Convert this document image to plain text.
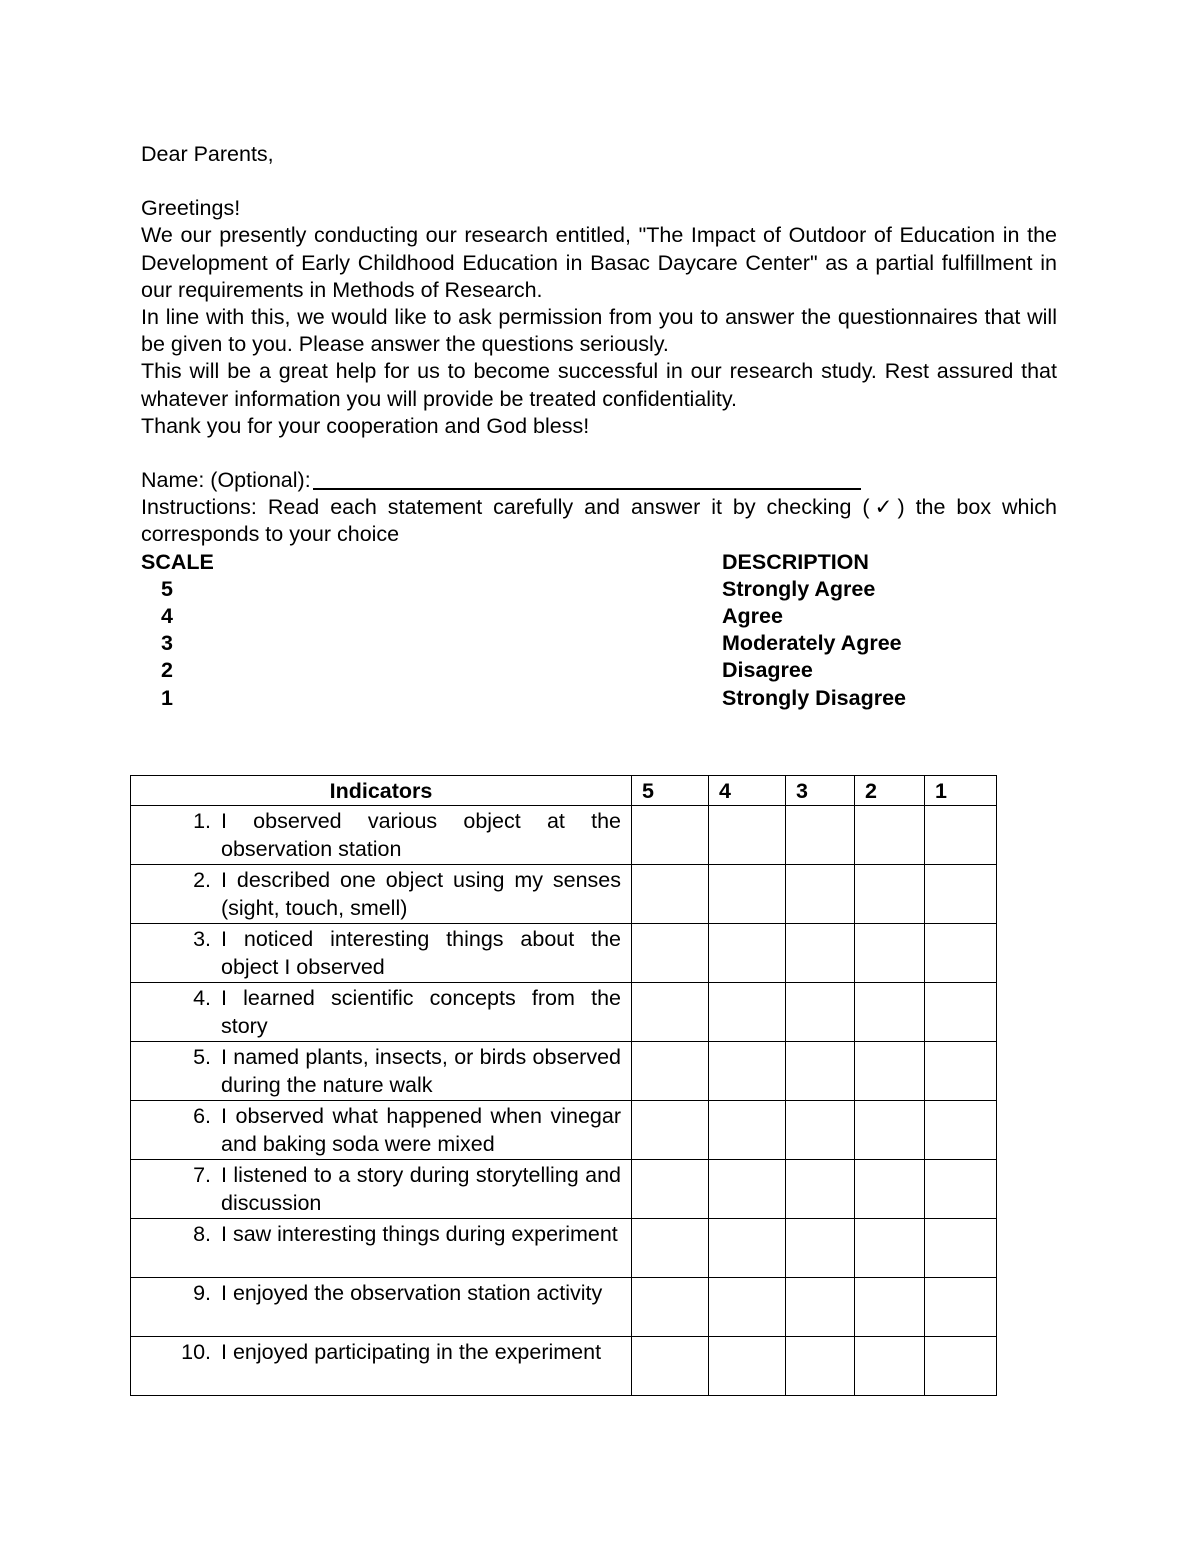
Dear Parents,

Greetings!

We our presently conducting our research entitled, "The Impact of Outdoor of Education in the Development of Early Childhood Education in Basac Daycare Center" as a partial fulfillment in our requirements in Methods of Research.

In line with this, we would like to ask permission from you to answer the questionnaires that will be given to you. Please answer the questions seriously.

This will be a great help for us to become successful in our research study. Rest assured that whatever information you will provide be treated confidentiality.

Thank you for your cooperation and God bless!

Name: (Optional):

Instructions: Read each statement carefully and answer it by checking (✓) the box which corresponds to your choice

SCALE	DESCRIPTION
5	Strongly Agree
4	Agree
3	Moderately Agree
2	Disagree
1	Strongly Disagree
Indicators	5	4	3	2	1

1. I observed various object at the observation station					

2. I described one object using my senses (sight, touch, smell)					

3. I noticed interesting things about the object I observed					

4. I learned scientific concepts from the story					

5. I named plants, insects, or birds observed during the nature walk					

6. I observed what happened when vinegar and baking soda were mixed					

7. I listened to a story during storytelling and discussion					

8. I saw interesting things during experiment					

9. I enjoyed the observation station activity					

10. I enjoyed participating in the experiment					
